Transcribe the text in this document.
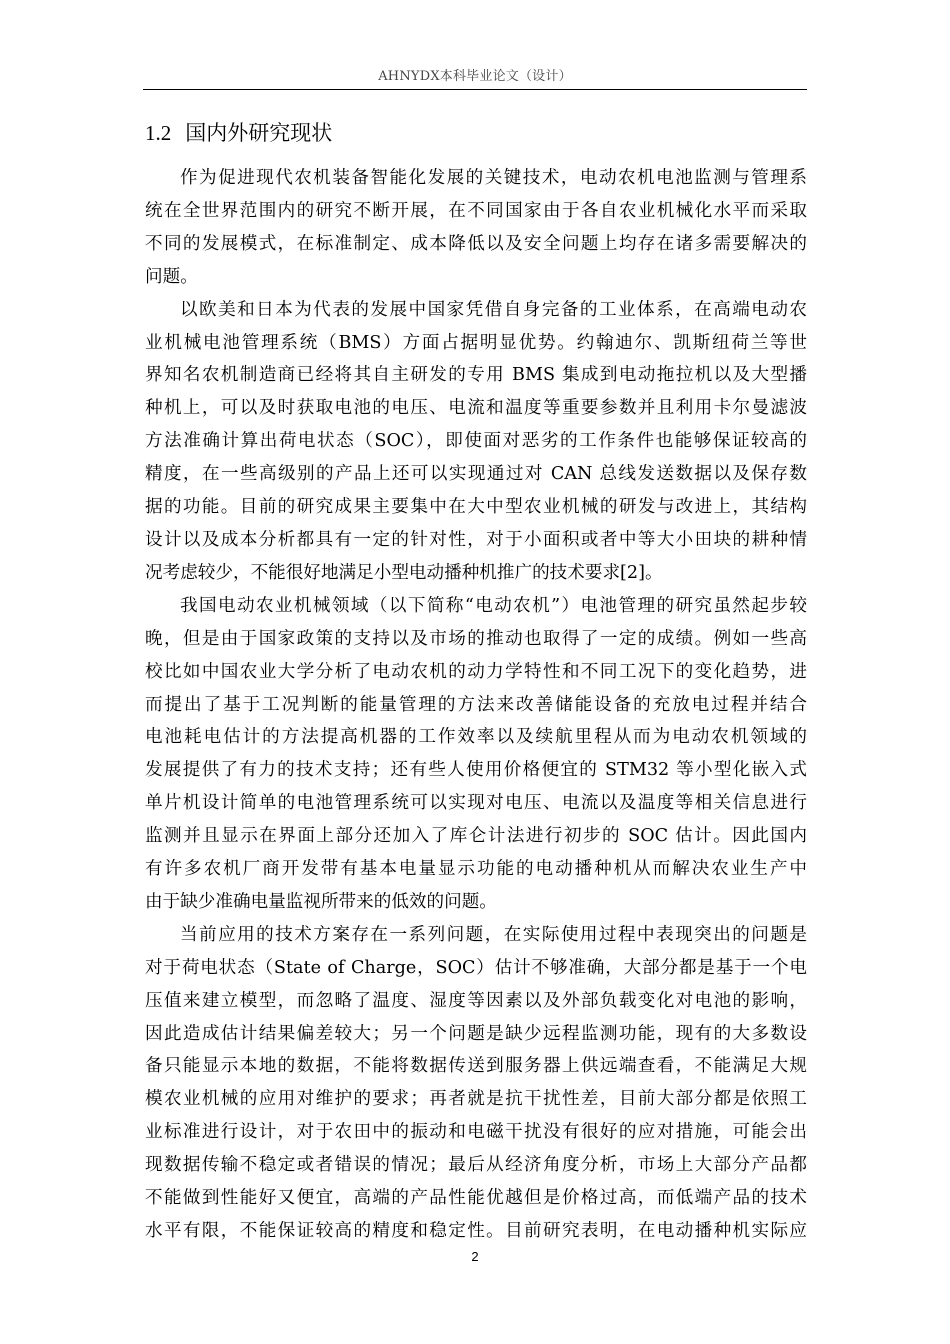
AHNYDX本科毕业论文（设计）
1.2 国内外研究现状

作为促进现代农机装备智能化发展的关键技术，电动农机电池监测与管理系
统在全世界范围内的研究不断开展，在不同国家由于各自农业机械化水平而采取
不同的发展模式，在标准制定、成本降低以及安全问题上均存在诸多需要解决的
问题。

以欧美和日本为代表的发展中国家凭借自身完备的工业体系，在高端电动农
业机械电池管理系统（BMS）方面占据明显优势。约翰迪尔、凯斯纽荷兰等世
界知名农机制造商已经将其自主研发的专用 BMS 集成到电动拖拉机以及大型播
种机上，可以及时获取电池的电压、电流和温度等重要参数并且利用卡尔曼滤波
方法准确计算出荷电状态（SOC），即使面对恶劣的工作条件也能够保证较高的
精度，在一些高级别的产品上还可以实现通过对 CAN 总线发送数据以及保存数
据的功能。目前的研究成果主要集中在大中型农业机械的研发与改进上，其结构
设计以及成本分析都具有一定的针对性，对于小面积或者中等大小田块的耕种情
况考虑较少，不能很好地满足小型电动播种机推广的技术要求[2]。

我国电动农业机械领域（以下简称“电动农机”）电池管理的研究虽然起步较
晚，但是由于国家政策的支持以及市场的推动也取得了一定的成绩。例如一些高
校比如中国农业大学分析了电动农机的动力学特性和不同工况下的变化趋势，进
而提出了基于工况判断的能量管理的方法来改善储能设备的充放电过程并结合
电池耗电估计的方法提高机器的工作效率以及续航里程从而为电动农机领域的
发展提供了有力的技术支持；还有些人使用价格便宜的 STM32 等小型化嵌入式
单片机设计简单的电池管理系统可以实现对电压、电流以及温度等相关信息进行
监测并且显示在界面上部分还加入了库仑计法进行初步的 SOC 估计。因此国内
有许多农机厂商开发带有基本电量显示功能的电动播种机从而解决农业生产中
由于缺少准确电量监视所带来的低效的问题。

当前应用的技术方案存在一系列问题，在实际使用过程中表现突出的问题是
对于荷电状态（State of Charge，SOC）估计不够准确，大部分都是基于一个电
压值来建立模型，而忽略了温度、湿度等因素以及外部负载变化对电池的影响，
因此造成估计结果偏差较大；另一个问题是缺少远程监测功能，现有的大多数设
备只能显示本地的数据，不能将数据传送到服务器上供远端查看，不能满足大规
模农业机械的应用对维护的要求；再者就是抗干扰性差，目前大部分都是依照工
业标准进行设计，对于农田中的振动和电磁干扰没有很好的应对措施，可能会出
现数据传输不稳定或者错误的情况；最后从经济角度分析，市场上大部分产品都
不能做到性能好又便宜，高端的产品性能优越但是价格过高，而低端产品的技术
水平有限，不能保证较高的精度和稳定性。目前研究表明，在电动播种机实际应

2
